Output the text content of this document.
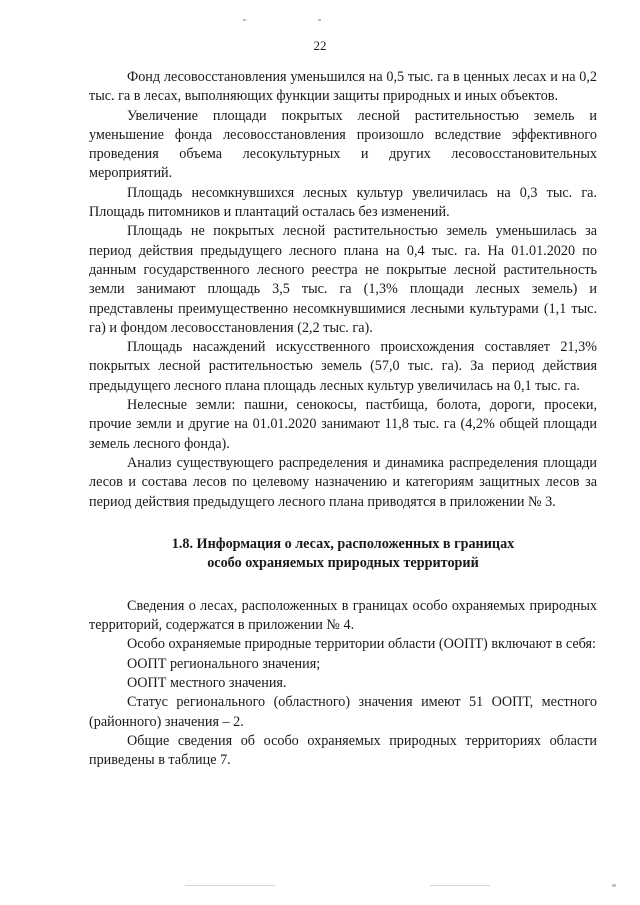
22

Фонд лесовосстановления уменьшился на 0,5 тыс. га в ценных лесах и на 0,2 тыс. га в лесах, выполняющих функции защиты природных и иных объектов.

Увеличение площади покрытых лесной растительностью земель и уменьшение фонда лесовосстановления произошло вследствие эффективного проведения объема лесокультурных и других лесовосстановительных мероприятий.

Площадь несомкнувшихся лесных культур увеличилась на 0,3 тыс. га. Площадь питомников и плантаций осталась без изменений.

Площадь не покрытых лесной растительностью земель уменьшилась за период действия предыдущего лесного плана на 0,4 тыс. га. На 01.01.2020 по данным государственного лесного реестра не покрытые лесной растительность земли занимают площадь 3,5 тыс. га (1,3% площади лесных земель) и представлены преимущественно несомкнувшимися лесными культурами (1,1 тыс. га) и фондом лесовосстановления (2,2 тыс. га).

Площадь насаждений искусственного происхождения составляет 21,3% покрытых лесной растительностью земель (57,0 тыс. га). За период действия предыдущего лесного плана площадь лесных культур увеличилась на 0,1 тыс. га.

Нелесные земли: пашни, сенокосы, пастбища, болота, дороги, просеки, прочие земли и другие на 01.01.2020 занимают 11,8 тыс. га (4,2% общей площади земель лесного фонда).

Анализ существующего распределения и динамика распределения площади лесов и состава лесов по целевому назначению и категориям защитных лесов за период действия предыдущего лесного плана приводятся в приложении № 3.

1.8. Информация о лесах, расположенных в границах
особо охраняемых природных территорий

Сведения о лесах, расположенных в границах особо охраняемых природных территорий, содержатся в приложении № 4.

Особо охраняемые природные территории области (ООПТ) включают в себя:

ООПТ регионального значения;

ООПТ местного значения.

Статус регионального (областного) значения имеют 51 ООПТ, местного (районного) значения – 2.

Общие сведения об особо охраняемых природных территориях области приведены в таблице 7.
